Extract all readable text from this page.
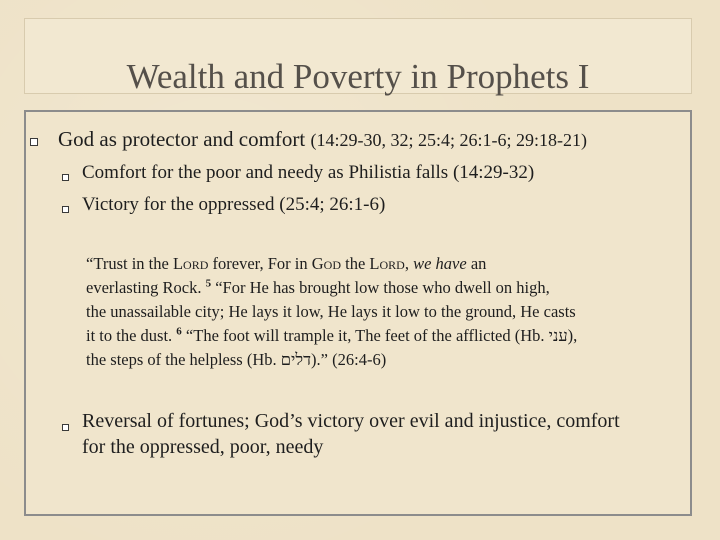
Wealth and Poverty in Prophets I
God as protector and comfort (14:29-30, 32; 25:4; 26:1-6; 29:18-21)
Comfort for the poor and needy as Philistia falls (14:29-32)
Victory for the oppressed (25:4; 26:1-6)
“Trust in the Lord forever, For in God the Lord, we have an
everlasting Rock. $^5$ “For He has brought low those who dwell on high,
the unassailable city; He lays it low, He lays it low to the ground, He casts
it to the dust. $^6$ “The foot will trample it, The feet of the afflicted (Hb. עני),
the steps of the helpless (Hb. דלים).” (26:4-6)
Reversal of fortunes; God’s victory over evil and injustice, comfort
for the oppressed, poor, needy
